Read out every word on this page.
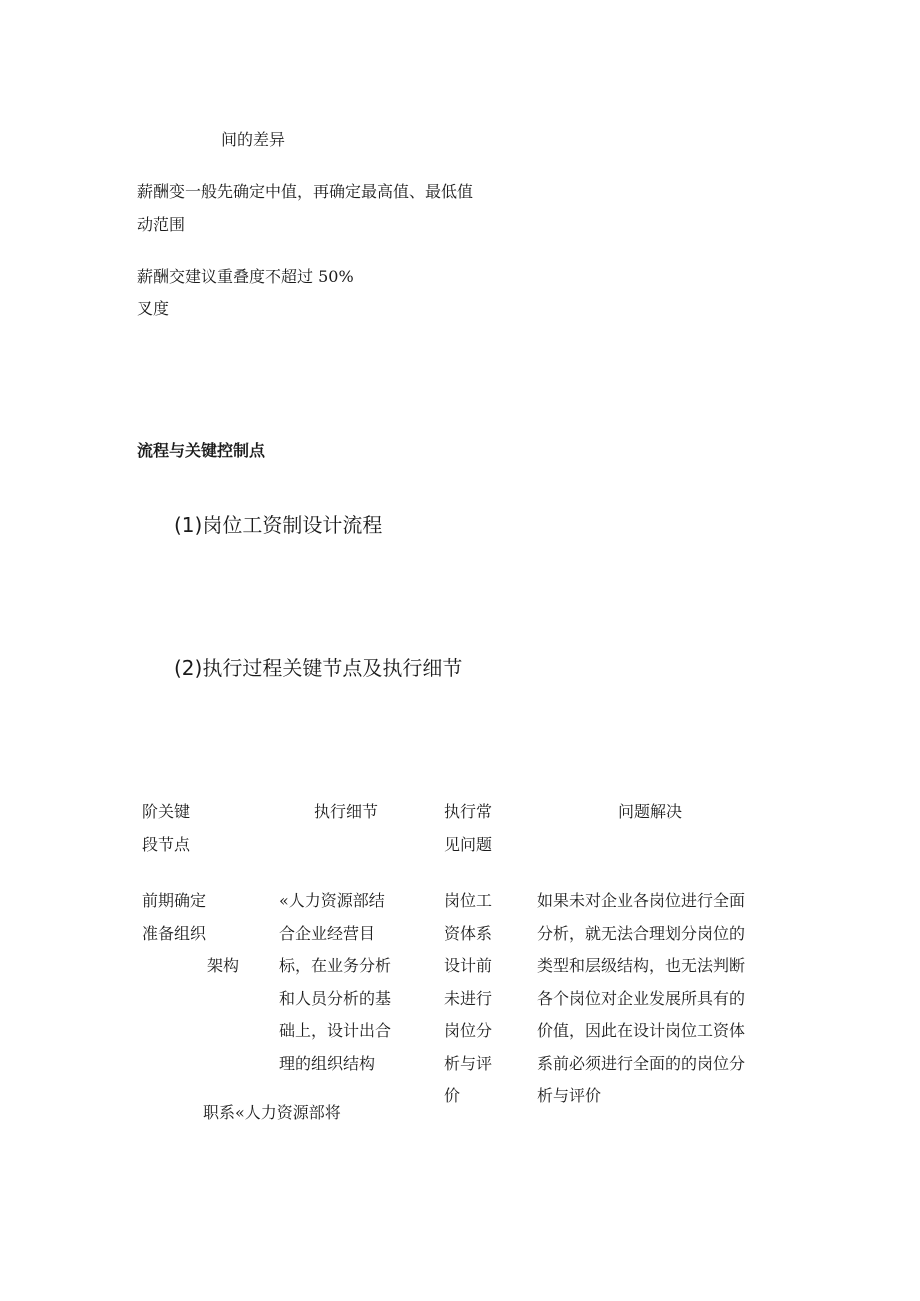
间的差异
薪酬变一般先确定中值，再确定最高值、最低值
动范围
薪酬交建议重叠度不超过 50%
叉度
流程与关键控制点
(1)岗位工资制设计流程
(2)执行过程关键节点及执行细节
阶关键
段节点
执行细节	执行常
见问题
问题解决
前期确定
准备组织
架构
«人力资源部结
合企业经营目
标，在业务分析
和人员分析的基
础上，设计出合
理的组织结构
岗位工
资体系
设计前
未进行
岗位分
析与评
价
如果未对企业各岗位进行全面
分析，就无法合理划分岗位的
类型和层级结构，也无法判断
各个岗位对企业发展所具有的
价值，因此在设计岗位工资体
系前必须进行全面的的岗位分
析与评价
职系«人力资源部将
